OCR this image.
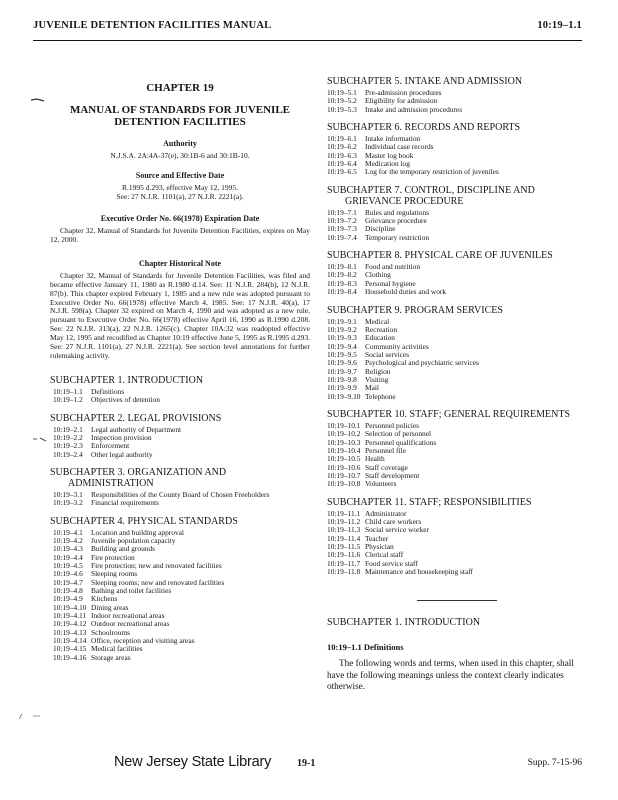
JUVENILE DETENTION FACILITIES MANUAL	10:19–1.1
CHAPTER 19
MANUAL OF STANDARDS FOR JUVENILE DETENTION FACILITIES
Authority
N.J.S.A. 2A:4A-37(e), 30:1B-6 and 30:1B-10.
Source and Effective Date
R.1995 d.293, effective May 12, 1995.
See: 27 N.J.R. 1101(a), 27 N.J.R. 2221(a).
Executive Order No. 66(1978) Expiration Date
Chapter 32, Manual of Standards for Juvenile Detention Facilities, expires on May 12, 2000.
Chapter Historical Note
Chapter 32, Manual of Standards for Juvenile Detention Facilities, was filed and became effective January 11, 1980 as R.1980 d.14. See: 11 N.J.R. 284(b), 12 N.J.R. 87(b). This chapter expired February 1, 1985 and a new rule was adopted pursuant to Executive Order No. 66(1978) effective March 4, 1985. See: 17 N.J.R. 40(a), 17 N.J.R. 598(a). Chapter 32 expired on March 4, 1990 and was adopted as a new rule, pursuant to Executive Order No. 66(1978) effective April 16, 1990 as R.1990 d.208. See: 22 N.J.R. 313(a), 22 N.J.R. 1265(c). Chapter 10A:32 was readopted effective May 12, 1995 and recodified as Chapter 10:19 effective June 5, 1995 as R.1995 d.293. See: 27 N.J.R. 1101(a), 27 N.J.R. 2221(a). See section level annotations for further rulemaking activity.
SUBCHAPTER 1. INTRODUCTION
10:19–1.1 Definitions
10:19–1.2 Objectives of detention
SUBCHAPTER 2. LEGAL PROVISIONS
10:19–2.1 Legal authority of Department
10:19–2.2 Inspection provision
10:19–2.3 Enforcement
10:19–2.4 Other legal authority
SUBCHAPTER 3. ORGANIZATION AND
ADMINISTRATION
10:19–3.1 Responsibilities of the County Board of Chosen Freeholders
10:19–3.2 Financial requirements
SUBCHAPTER 4. PHYSICAL STANDARDS
10:19–4.1 Location and building approval
10:19–4.2 Juvenile population capacity
10:19–4.3 Building and grounds
10:19–4.4 Fire protection
10:19–4.5 Fire protection; new and renovated facilities
10:19–4.6 Sleeping rooms
10:19–4.7 Sleeping rooms; new and renovated facilities
10:19–4.8 Bathing and toilet facilities
10:19–4.9 Kitchens
10:19–4.10 Dining areas
10:19–4.11 Indoor recreational areas
10:19–4.12 Outdoor recreational areas
10:19–4.13 Schoolrooms
10:19–4.14 Office, reception and visiting areas
10:19–4.15 Medical facilities
10:19–4.16 Storage areas
SUBCHAPTER 5. INTAKE AND ADMISSION
10:19–5.1 Pre-admission procedures
10:19–5.2 Eligibility for admission
10:19–5.3 Intake and admission procedures
SUBCHAPTER 6. RECORDS AND REPORTS
10:19–6.1 Intake information
10:19–6.2 Individual case records
10:19–6.3 Master log book
10:19–6.4 Medication log
10:19–6.5 Log for the temporary restriction of juveniles
SUBCHAPTER 7. CONTROL, DISCIPLINE AND
GRIEVANCE PROCEDURE
10:19–7.1 Rules and regulations
10:19–7.2 Grievance procedure
10:19–7.3 Discipline
10:19–7.4 Temporary restriction
SUBCHAPTER 8. PHYSICAL CARE OF JUVENILES
10:19–8.1 Food and nutrition
10:19–8.2 Clothing
10:19–8.3 Personal hygiene
10:19–8.4 Household duties and work
SUBCHAPTER 9. PROGRAM SERVICES
10:19–9.1 Medical
10:19–9.2 Recreation
10:19–9.3 Education
10:19–9.4 Community activities
10:19–9.5 Social services
10:19–9.6 Psychological and psychiatric services
10:19–9.7 Religion
10:19–9.8 Visiting
10:19–9.9 Mail
10:19–9.10 Telephone
SUBCHAPTER 10. STAFF; GENERAL REQUIREMENTS
10:19–10.1 Personnel policies
10:19–10.2 Selection of personnel
10:19–10.3 Personnel qualifications
10:19–10.4 Personnel file
10:19–10.5 Health
10:19–10.6 Staff coverage
10:19–10.7 Staff development
10:19–10.8 Volunteers
SUBCHAPTER 11. STAFF; RESPONSIBILITIES
10:19–11.1 Administrator
10:19–11.2 Child care workers
10:19–11.3 Social service worker
10:19–11.4 Teacher
10:19–11.5 Physician
10:19–11.6 Clerical staff
10:19–11.7 Food service staff
10:19–11.8 Maintenance and housekeeping staff
SUBCHAPTER 1. INTRODUCTION
10:19–1.1 Definitions
The following words and terms, when used in this chapter, shall have the following meanings unless the context clearly indicates otherwise.
New Jersey State Library	19-1	Supp. 7-15-96
